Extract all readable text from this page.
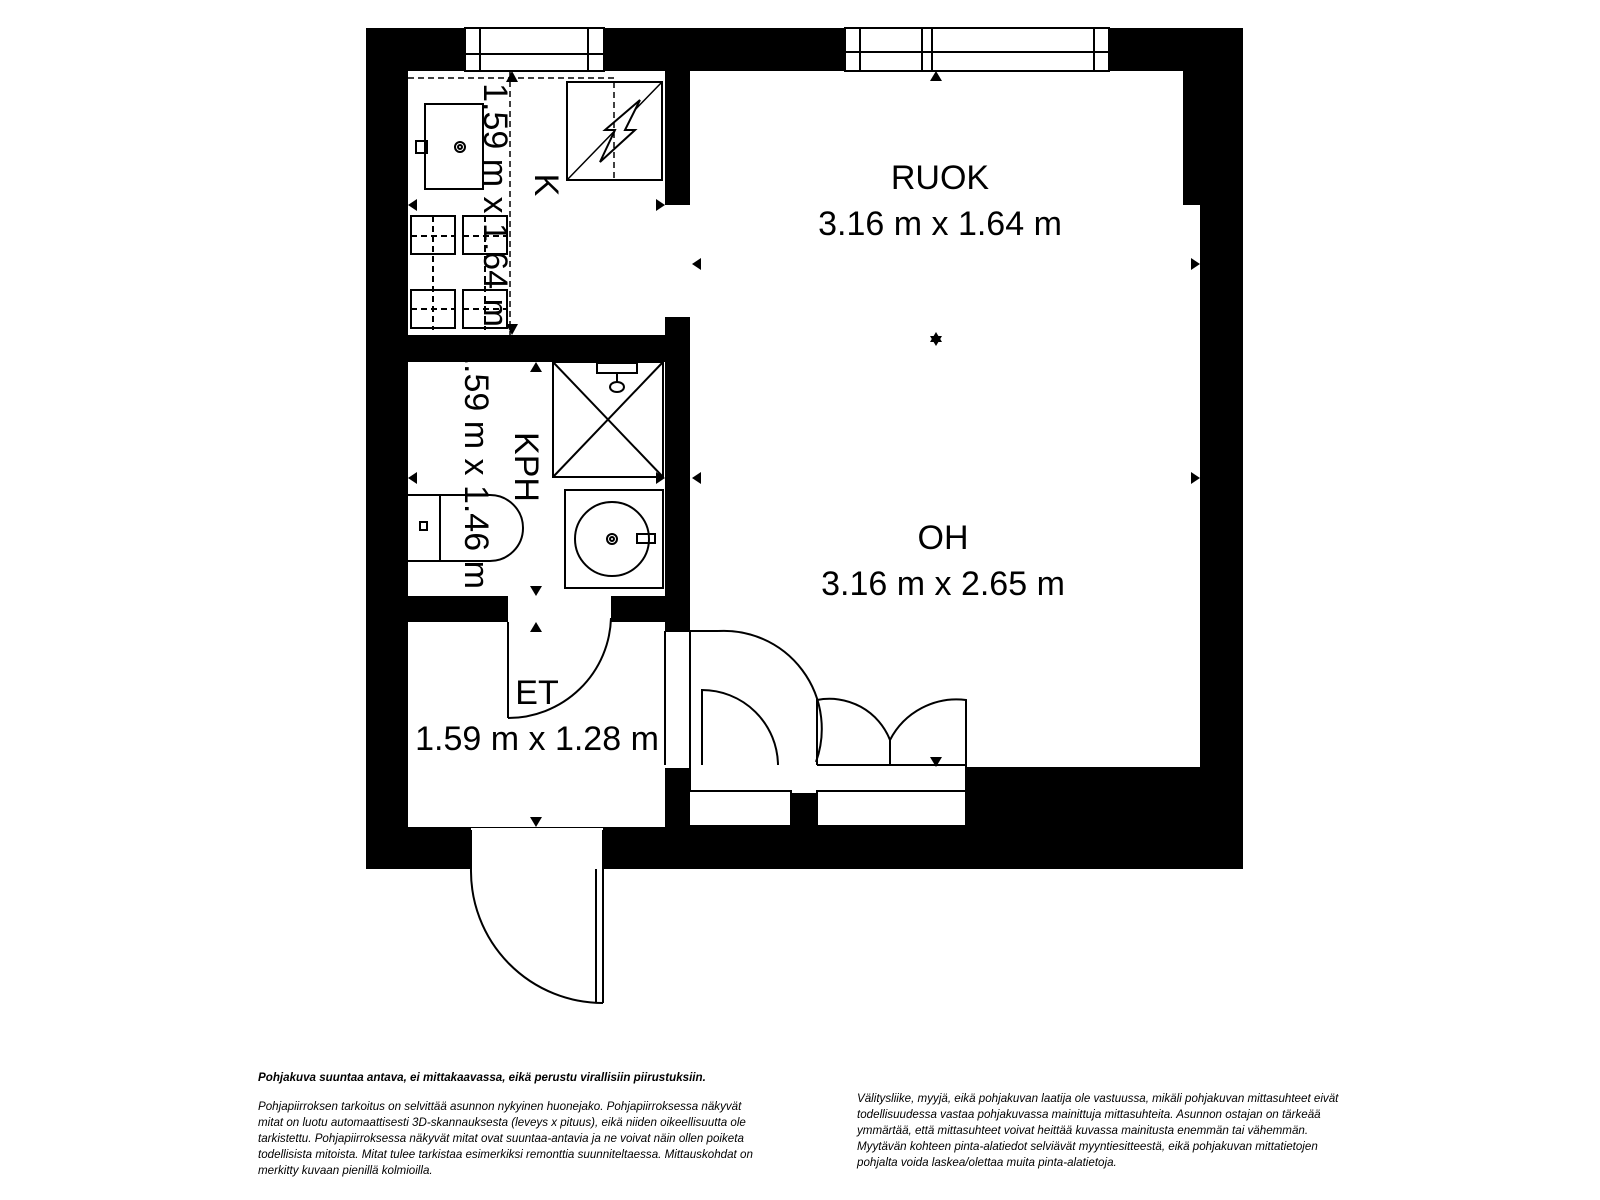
K
1.59 m x 1.64 m	RUOK
3.16 m x 1.64 m
KPH
1.59 m x 1.46 m	OH
3.16 m x 2.65 m
ET
1.59 m x 1.28 m

Pohjakuva suuntaa antava, ei mittakaavassa, eikä perustu virallisiin piirustuksiin.

Pohjapiirroksen tarkoitus on selvittää asunnon nykyinen huonejako. Pohjapiirroksessa näkyvät mitat on luotu automaattisesti 3D-skannauksesta (leveys x pituus), eikä niiden oikeellisuutta ole tarkistettu. Pohjapiirroksessa näkyvät mitat ovat suuntaa-antavia ja ne voivat näin ollen poiketa todellisista mitoista. Mitat tulee tarkistaa esimerkiksi remonttia suunniteltaessa. Mittauskohdat on merkitty kuvaan pienillä kolmioilla.

Välitysliike, myyjä, eikä pohjakuvan laatija ole vastuussa, mikäli pohjakuvan mittasuhteet eivät todellisuudessa vastaa pohjakuvassa mainittuja mittasuhteita. Asunnon ostajan on tärkeää ymmärtää, että mittasuhteet voivat heittää kuvassa mainitusta enemmän tai vähemmän. Myytävän kohteen pinta-alatiedot selviävät myyntiesitteestä, eikä pohjakuvan mittatietojen pohjalta voida laskea/olettaa muita pinta-alatietoja.
